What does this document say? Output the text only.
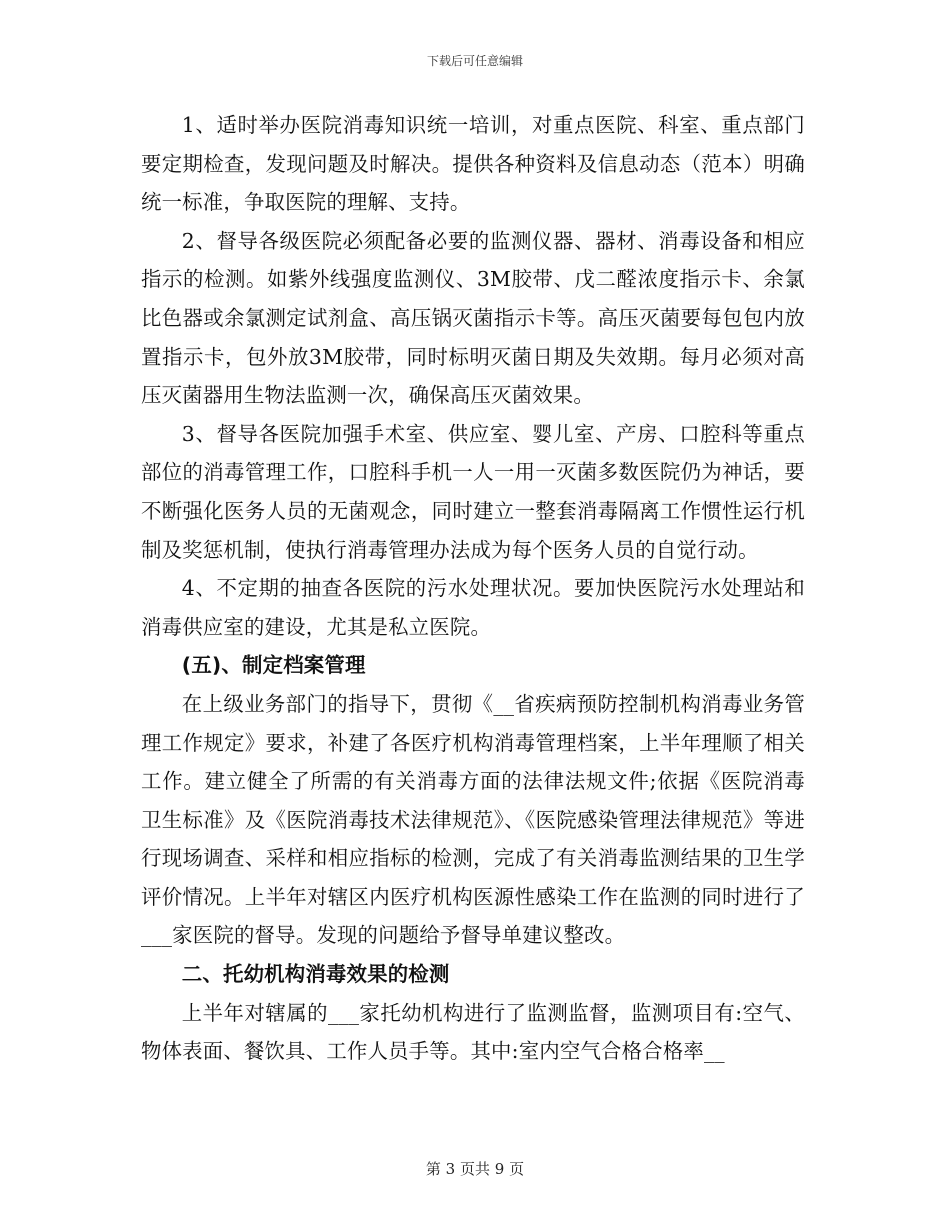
下载后可任意编辑

1、适时举办医院消毒知识统一培训，对重点医院、科室、重点部门要定期检查，发现问题及时解决。提供各种资料及信息动态（范本）明确统一标准，争取医院的理解、支持。

2、督导各级医院必须配备必要的监测仪器、器材、消毒设备和相应指示的检测。如紫外线强度监测仪、3M胶带、戊二醛浓度指示卡、余氯比色器或余氯测定试剂盒、高压锅灭菌指示卡等。高压灭菌要每包包内放置指示卡，包外放3M胶带，同时标明灭菌日期及失效期。每月必须对高压灭菌器用生物法监测一次，确保高压灭菌效果。

3、督导各医院加强手术室、供应室、婴儿室、产房、口腔科等重点部位的消毒管理工作，口腔科手机一人一用一灭菌多数医院仍为神话，要不断强化医务人员的无菌观念，同时建立一整套消毒隔离工作惯性运行机制及奖惩机制，使执行消毒管理办法成为每个医务人员的自觉行动。

4、不定期的抽查各医院的污水处理状况。要加快医院污水处理站和消毒供应室的建设，尤其是私立医院。

(五)、制定档案管理

在上级业务部门的指导下，贯彻《__省疾病预防控制机构消毒业务管理工作规定》要求，补建了各医疗机构消毒管理档案，上半年理顺了相关工作。建立健全了所需的有关消毒方面的法律法规文件;依据《医院消毒卫生标准》及《医院消毒技术法律规范》、《医院感染管理法律规范》等进行现场调查、采样和相应指标的检测，完成了有关消毒监测结果的卫生学评价情况。上半年对辖区内医疗机构医源性感染工作在监测的同时进行了___家医院的督导。发现的问题给予督导单建议整改。

二、托幼机构消毒效果的检测

上半年对辖属的___家托幼机构进行了监测监督，监测项目有:空气、物体表面、餐饮具、工作人员手等。其中:室内空气合格合格率__

第 3 页共 9 页
